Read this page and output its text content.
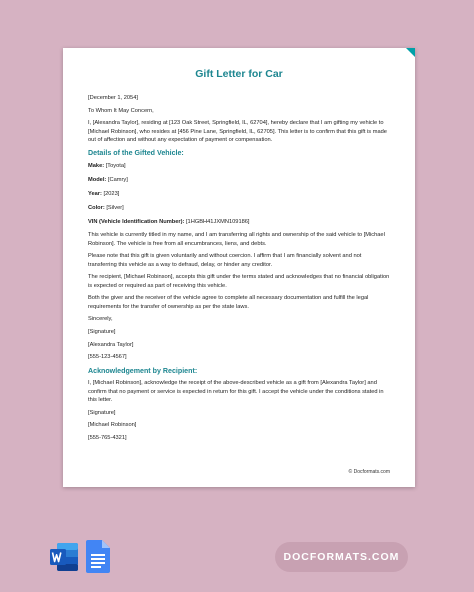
Gift Letter for Car

[December 1, 2054]

To Whom It May Concern,

I, [Alexandra Taylor], residing at [123 Oak Street, Springfield, IL, 62704], hereby declare that I am gifting my vehicle to [Michael Robinson], who resides at [456 Pine Lane, Springfield, IL, 62705]. This letter is to confirm that this gift is made out of affection and without any expectation of payment or compensation.

Details of the Gifted Vehicle:

Make: [Toyota]

Model: [Camry]

Year: [2023]

Color: [Silver]

VIN (Vehicle Identification Number): [1HGBH41JXMN109186]

This vehicle is currently titled in my name, and I am transferring all rights and ownership of the said vehicle to [Michael Robinson]. The vehicle is free from all encumbrances, liens, and debts.

Please note that this gift is given voluntarily and without coercion. I affirm that I am financially solvent and not transferring this vehicle as a way to defraud, delay, or hinder any creditor.

The recipient, [Michael Robinson], accepts this gift under the terms stated and acknowledges that no financial obligation is expected or required as part of receiving this vehicle.

Both the giver and the receiver of the vehicle agree to complete all necessary documentation and fulfill the legal requirements for the transfer of ownership as per the state laws.

Sincerely,

[Signature]

[Alexandra Taylor]

[555-123-4567]

Acknowledgement by Recipient:

I, [Michael Robinson], acknowledge the receipt of the above-described vehicle as a gift from [Alexandra Taylor] and confirm that no payment or service is expected in return for this gift. I accept the vehicle under the conditions stated in this letter.

[Signature]

[Michael Robinson]

[555-765-4321]

© Docformats.com
DOCFORMATS.COM
